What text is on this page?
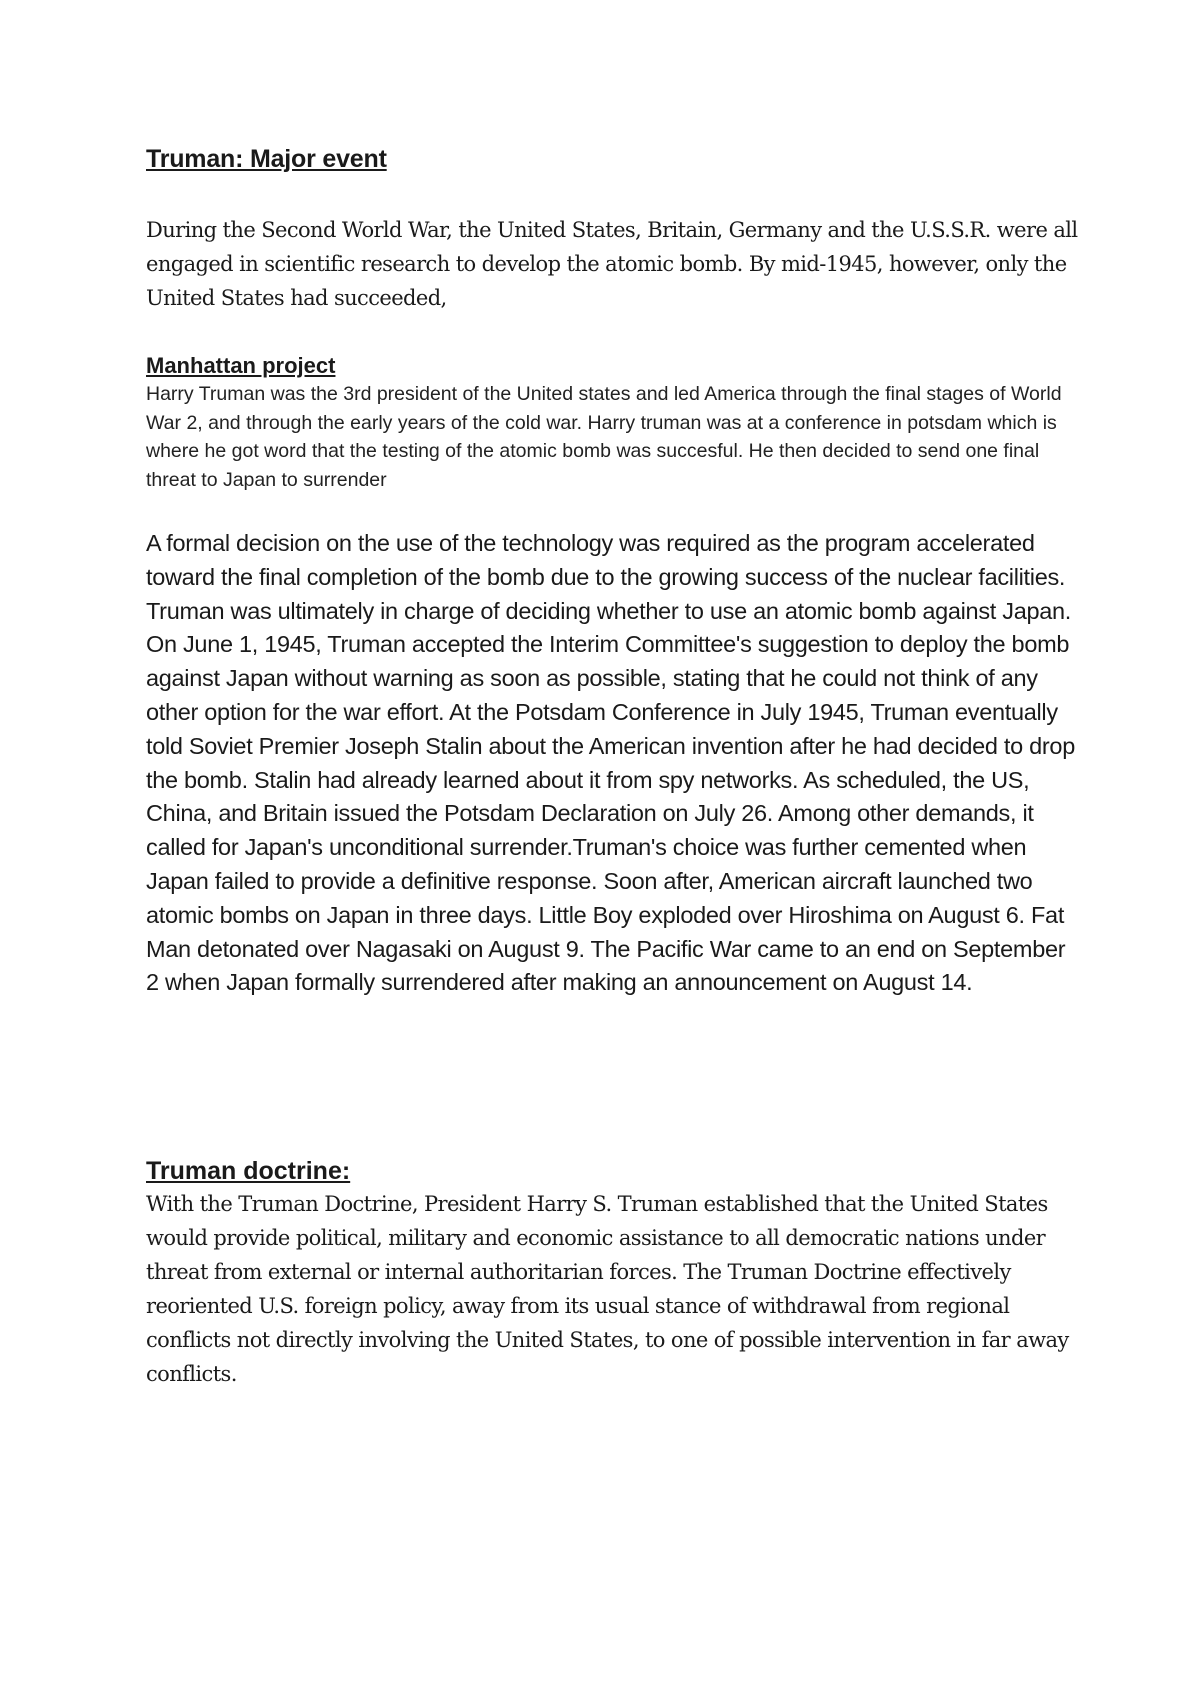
Truman: Major event

During the Second World War, the United States, Britain, Germany and the U.S.S.R. were all engaged in scientific research to develop the atomic bomb. By mid-1945, however, only the United States had succeeded,

Manhattan project

Harry Truman was the 3rd president of the United states and led America through the final stages of World War 2, and through the early years of the cold war. Harry truman was at a conference in potsdam which is where he got word that the testing of the atomic bomb was succesful. He then decided to send one final threat to Japan to surrender

A formal decision on the use of the technology was required as the program accelerated toward the final completion of the bomb due to the growing success of the nuclear facilities. Truman was ultimately in charge of deciding whether to use an atomic bomb against Japan. On June 1, 1945, Truman accepted the Interim Committee's suggestion to deploy the bomb against Japan without warning as soon as possible, stating that he could not think of any other option for the war effort. At the Potsdam Conference in July 1945, Truman eventually told Soviet Premier Joseph Stalin about the American invention after he had decided to drop the bomb. Stalin had already learned about it from spy networks. As scheduled, the US, China, and Britain issued the Potsdam Declaration on July 26. Among other demands, it called for Japan's unconditional surrender.Truman's choice was further cemented when Japan failed to provide a definitive response. Soon after, American aircraft launched two atomic bombs on Japan in three days. Little Boy exploded over Hiroshima on August 6. Fat Man detonated over Nagasaki on August 9. The Pacific War came to an end on September 2 when Japan formally surrendered after making an announcement on August 14.

Truman doctrine:

With the Truman Doctrine, President Harry S. Truman established that the United States would provide political, military and economic assistance to all democratic nations under threat from external or internal authoritarian forces. The Truman Doctrine effectively reoriented U.S. foreign policy, away from its usual stance of withdrawal from regional conflicts not directly involving the United States, to one of possible intervention in far away conflicts.
